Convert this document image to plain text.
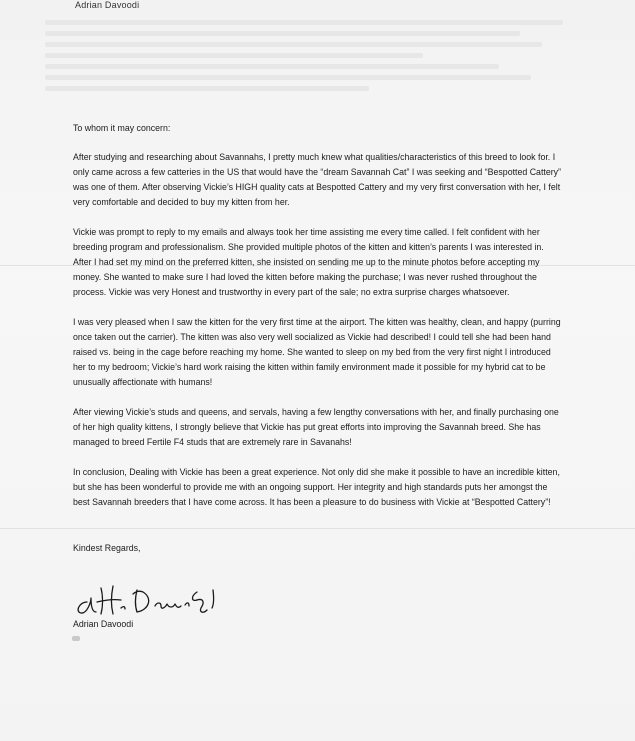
Adrian Davoodi

To whom it may concern:

After studying and researching about Savannahs, I pretty much knew what qualities/characteristics of this breed to look for. I only came across a few catteries in the US that would have the “dream Savannah Cat” I was seeking and “Bespotted Cattery” was one of them. After observing Vickie’s HIGH quality cats at Bespotted Cattery and my very first conversation with her, I felt very comfortable and decided to buy my kitten from her.

Vickie was prompt to reply to my emails and always took her time assisting me every time called. I felt confident with her breeding program and professionalism. She provided multiple photos of the kitten and kitten’s parents I was interested in. After I had set my mind on the preferred kitten, she insisted on sending me up to the minute photos before accepting my money. She wanted to make sure I had loved the kitten before making the purchase; I was never rushed throughout the process. Vickie was very Honest and trustworthy in every part of the sale; no extra surprise charges whatsoever.

I was very pleased when I saw the kitten for the very first time at the airport. The kitten was healthy, clean, and happy (purring once taken out the carrier). The kitten was also very well socialized as Vickie had described! I could tell she had been hand raised vs. being in the cage before reaching my home. She wanted to sleep on my bed from the very first night I introduced her to my bedroom; Vickie’s hard work raising the kitten within family environment made it possible for my hybrid cat to be unusually affectionate with humans!

After viewing Vickie’s studs and queens, and servals, having a few lengthy conversations with her, and finally purchasing one of her high quality kittens, I strongly believe that Vickie has put great efforts into improving the Savannah breed. She has managed to breed Fertile F4 studs that are extremely rare in Savanahs!

In conclusion, Dealing with Vickie has been a great experience. Not only did she make it possible to have an incredible kitten, but she has been wonderful to provide me with an ongoing support. Her integrity and high standards puts her amongst the best Savannah breeders that I have come across. It has been a pleasure to do business with Vickie at “Bespotted Cattery”!

Kindest Regards,
Adrian Davoodi
